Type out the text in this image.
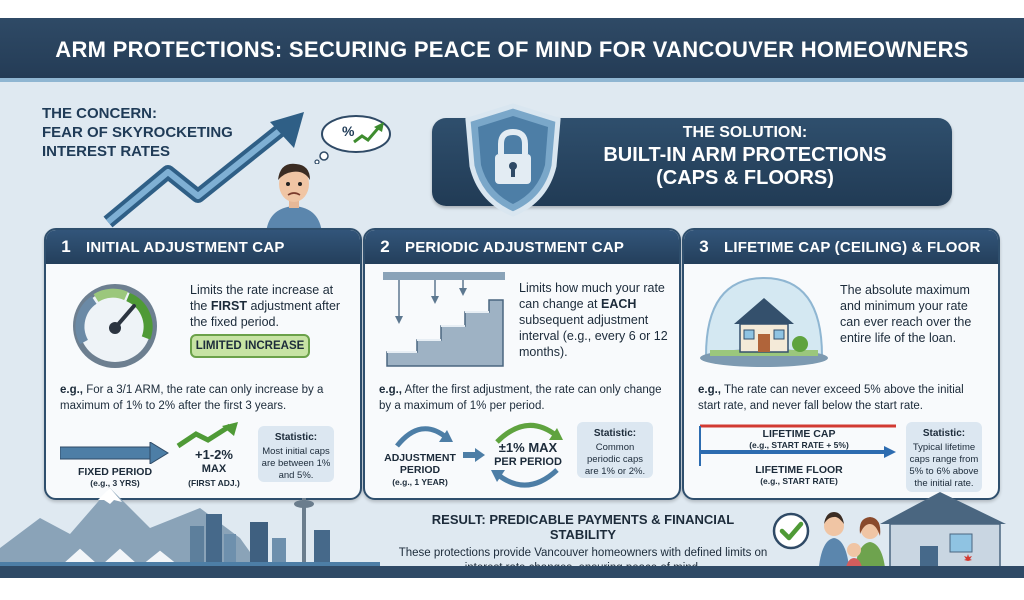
ARM PROTECTIONS: SECURING PEACE OF MIND FOR VANCOUVER HOMEOWNERS
THE CONCERN:
FEAR OF SKYROCKETING
INTEREST RATES
%	THE SOLUTION:
BUILT-IN ARM PROTECTIONS
(CAPS & FLOORS)
1	INITIAL ADJUSTMENT CAP
Limits the rate increase at the FIRST adjustment after the fixed period.
LIMITED INCREASE
e.g., For a 3/1 ARM, the rate can only increase by a maximum of 1% to 2% after the first 3 years.
FIXED PERIOD
(e.g., 3 YRS)
+1-2%
MAX
(FIRST ADJ.)
Statistic:
Most initial caps are between 1% and 5%.
2	PERIODIC ADJUSTMENT CAP
Limits how much your rate can change at EACH subsequent adjustment interval (e.g., every 6 or 12 months).
e.g., After the first adjustment, the rate can only change by a maximum of 1% per period.
ADJUSTMENT
PERIOD
(e.g., 1 YEAR)
±1% MAX
PER PERIOD
Statistic:
Common periodic caps are 1% or 2%.
3	LIFETIME CAP (CEILING) & FLOOR
The absolute maximum and minimum your rate can ever reach over the entire life of the loan.
e.g., The rate can never exceed 5% above the initial start rate, and never fall below the start rate.
LIFETIME CAP
(e.g., START RATE + 5%)
LIFETIME FLOOR
(e.g., START RATE)
Statistic:
Typical lifetime caps range from 5% to 6% above the initial rate.
RESULT: PREDICABLE PAYMENTS & FINANCIAL STABILITY
These protections provide Vancouver homeowners with defined limits on
